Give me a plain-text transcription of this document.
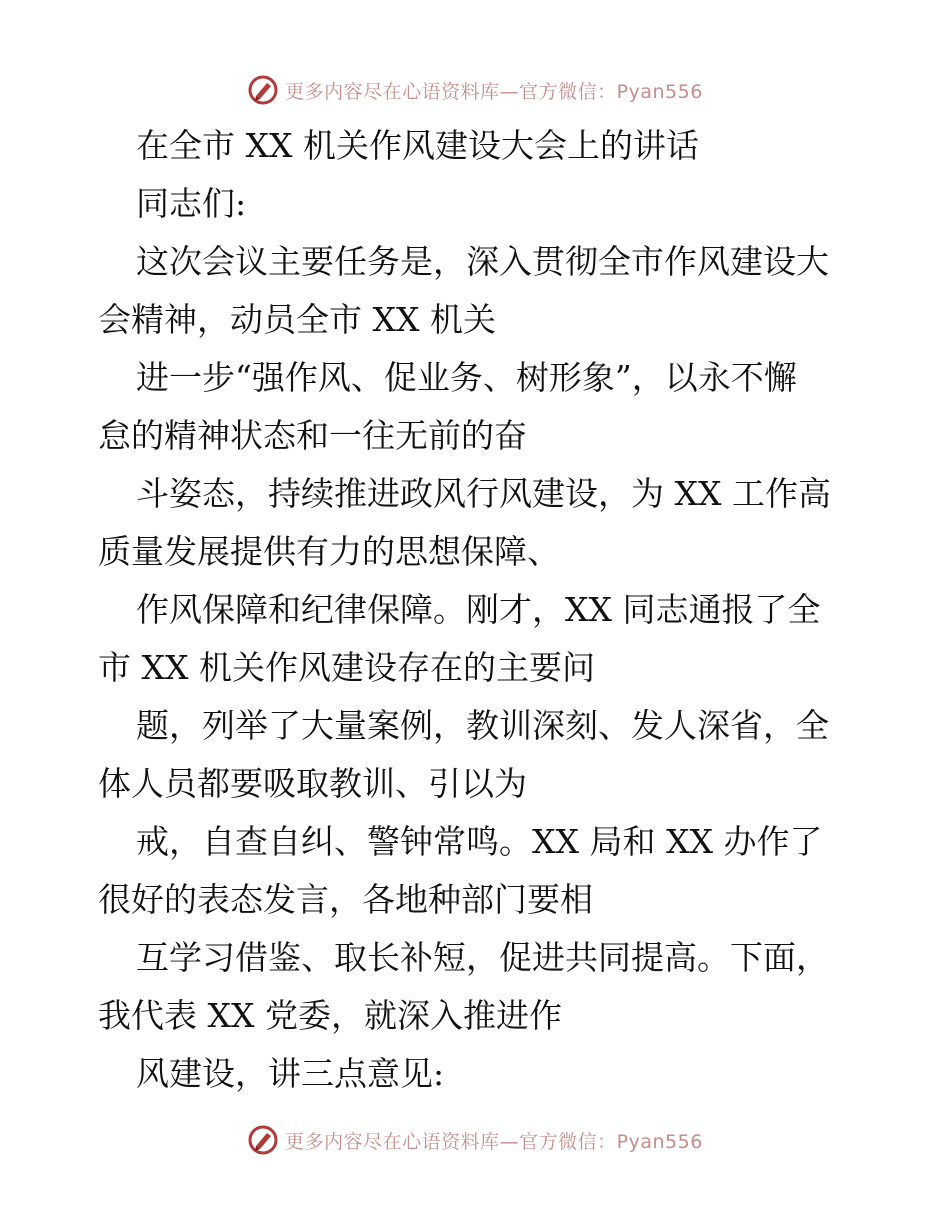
更多内容尽在心语资料库—官方微信：Pyan556
在全市 XX 机关作风建设大会上的讲话
同志们:
这次会议主要任务是，深入贯彻全市作风建设大
会精神，动员全市 XX 机关
进一步“强作风、促业务、树形象”，以永不懈
怠的精神状态和一往无前的奋
斗姿态，持续推进政风行风建设，为 XX 工作高
质量发展提供有力的思想保障、
作风保障和纪律保障。刚才，XX 同志通报了全
市 XX 机关作风建设存在的主要问
题，列举了大量案例，教训深刻、发人深省，全
体人员都要吸取教训、引以为
戒，自查自纠、警钟常鸣。XX 局和 XX 办作了
很好的表态发言，各地种部门要相
互学习借鉴、取长补短，促进共同提高。下面，
我代表 XX 党委，就深入推进作
风建设，讲三点意见:
更多内容尽在心语资料库—官方微信：Pyan556
